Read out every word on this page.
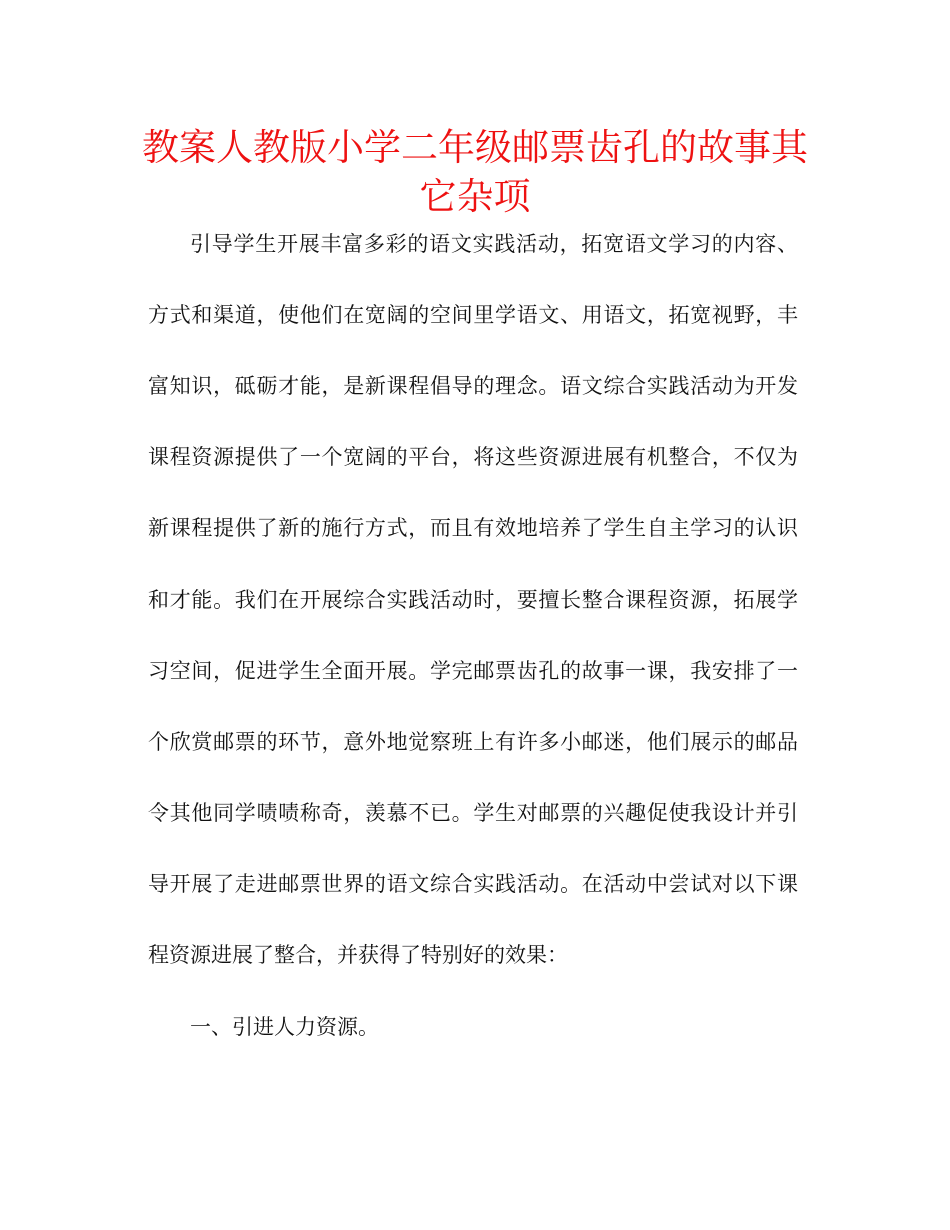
教案人教版小学二年级邮票齿孔的故事其
它杂项

引导学生开展丰富多彩的语文实践活动，拓宽语文学习的内容、

方式和渠道，使他们在宽阔的空间里学语文、用语文，拓宽视野，丰

富知识，砥砺才能，是新课程倡导的理念。语文综合实践活动为开发

课程资源提供了一个宽阔的平台，将这些资源进展有机整合，不仅为

新课程提供了新的施行方式，而且有效地培养了学生自主学习的认识

和才能。我们在开展综合实践活动时，要擅长整合课程资源，拓展学

习空间，促进学生全面开展。学完邮票齿孔的故事一课，我安排了一

个欣赏邮票的环节，意外地觉察班上有许多小邮迷，他们展示的邮品

令其他同学啧啧称奇，羡慕不已。学生对邮票的兴趣促使我设计并引

导开展了走进邮票世界的语文综合实践活动。在活动中尝试对以下课

程资源进展了整合，并获得了特别好的效果：

一、引进人力资源。
